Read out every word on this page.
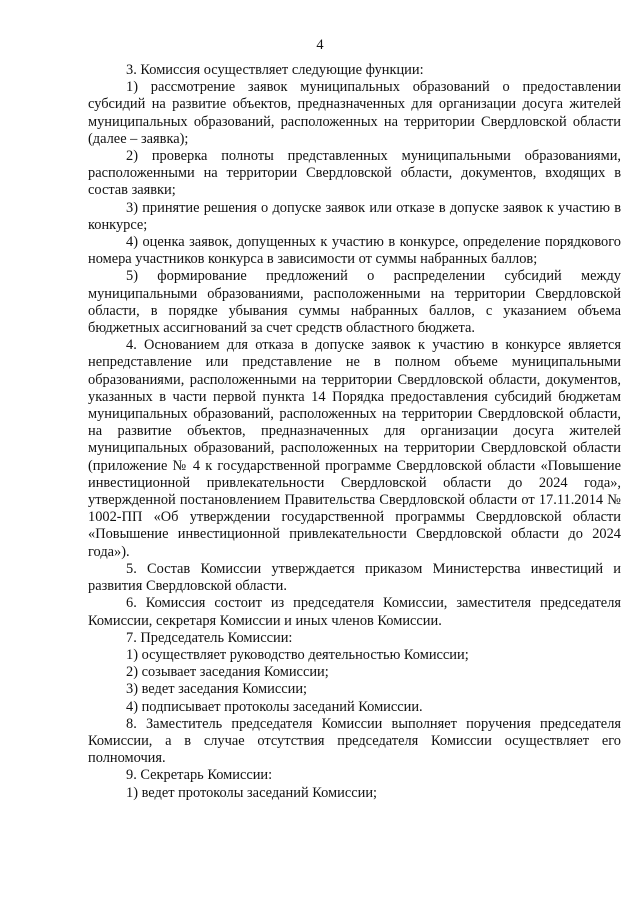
4

3. Комиссия осуществляет следующие функции:

1) рассмотрение заявок муниципальных образований о предоставлении субсидий на развитие объектов, предназначенных для организации досуга жителей муниципальных образований, расположенных на территории Свердловской области (далее – заявка);

2) проверка полноты представленных муниципальными образованиями, расположенными на территории Свердловской области, документов, входящих в состав заявки;

3) принятие решения о допуске заявок или отказе в допуске заявок к участию в конкурсе;

4) оценка заявок, допущенных к участию в конкурсе, определение порядкового номера участников конкурса в зависимости от суммы набранных баллов;

5) формирование предложений о распределении субсидий между муниципальными образованиями, расположенными на территории Свердловской области, в порядке убывания суммы набранных баллов, с указанием объема бюджетных ассигнований за счет средств областного бюджета.

4. Основанием для отказа в допуске заявок к участию в конкурсе является непредставление или представление не в полном объеме муниципальными образованиями, расположенными на территории Свердловской области, документов, указанных в части первой пункта 14 Порядка предоставления субсидий бюджетам муниципальных образований, расположенных на территории Свердловской области, на развитие объектов, предназначенных для организации досуга жителей муниципальных образований, расположенных на территории Свердловской области (приложение № 4 к государственной программе Свердловской области «Повышение инвестиционной привлекательности Свердловской области до 2024 года», утвержденной постановлением Правительства Свердловской области от 17.11.2014 № 1002-ПП «Об утверждении государственной программы Свердловской области «Повышение инвестиционной привлекательности Свердловской области до 2024 года»).

5. Состав Комиссии утверждается приказом Министерства инвестиций и развития Свердловской области.

6. Комиссия состоит из председателя Комиссии, заместителя председателя Комиссии, секретаря Комиссии и иных членов Комиссии.

7. Председатель Комиссии:

1) осуществляет руководство деятельностью Комиссии;

2) созывает заседания Комиссии;

3) ведет заседания Комиссии;

4) подписывает протоколы заседаний Комиссии.

8. Заместитель председателя Комиссии выполняет поручения председателя Комиссии, а в случае отсутствия председателя Комиссии осуществляет его полномочия.

9. Секретарь Комиссии:

1) ведет протоколы заседаний Комиссии;
